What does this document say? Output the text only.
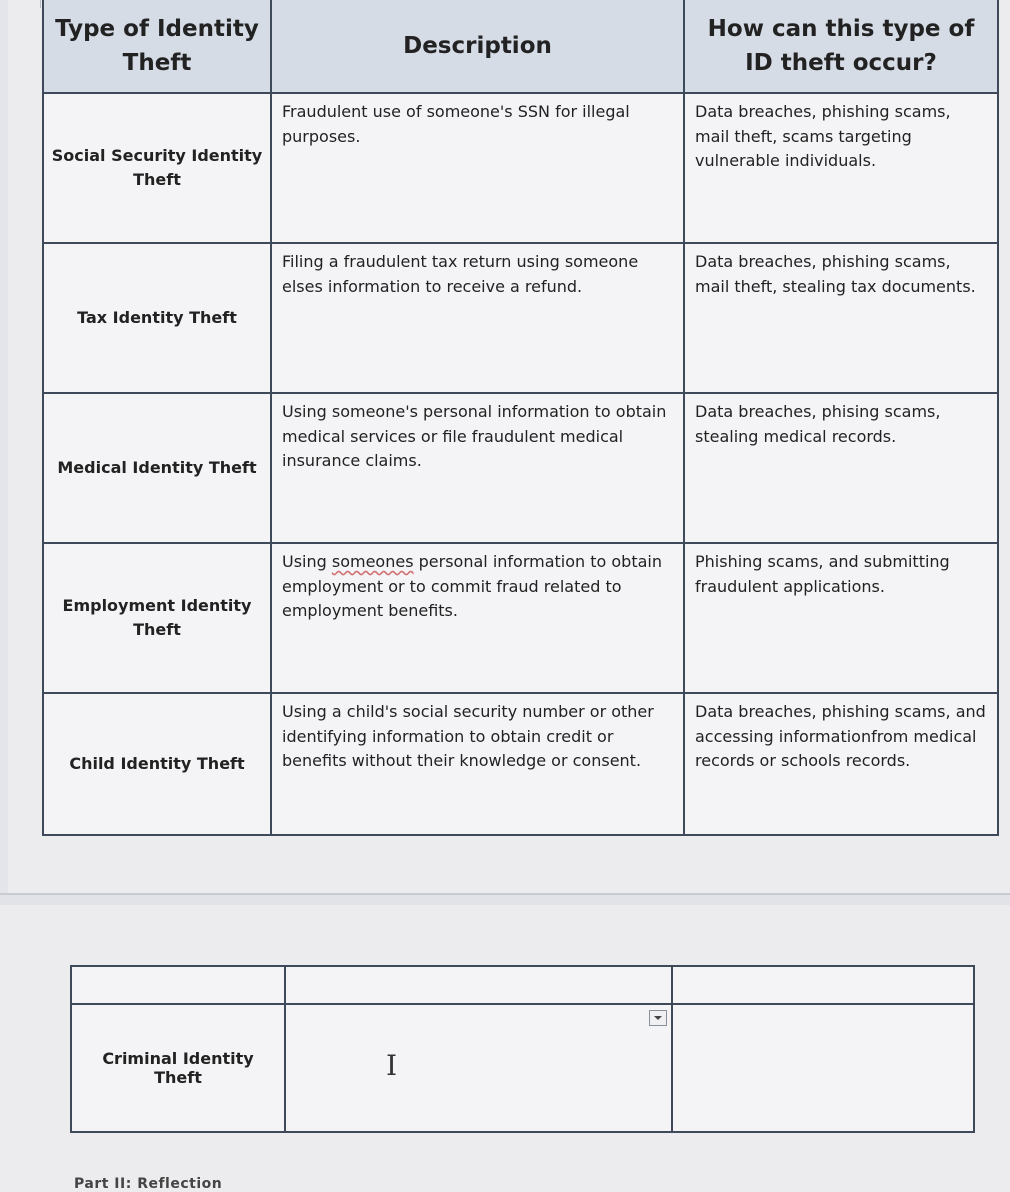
Type of Identity Theft	Description	How can this type of ID theft occur?
Social Security Identity Theft	Fraudulent use of someone's SSN for illegal purposes.	Data breaches, phishing scams, mail theft, scams targeting vulnerable individuals.
Tax Identity Theft	Filing a fraudulent tax return using someone elses information to receive a refund.	Data breaches, phishing scams, mail theft, stealing tax documents.
Medical Identity Theft	Using someone's personal information to obtain medical services or file fraudulent medical insurance claims.	Data breaches, phising scams, stealing medical records.
Employment Identity Theft	Using someones personal information to obtain employment or to commit fraud related to employment benefits.	Phishing scams, and submitting fraudulent applications.
Child Identity Theft	Using a child's social security number or other identifying information to obtain credit or benefits without their knowledge or consent.	Data breaches, phishing scams, and accessing informationfrom medical records or schools records.

Criminal Identity Theft	I	

Part II: Reflection
